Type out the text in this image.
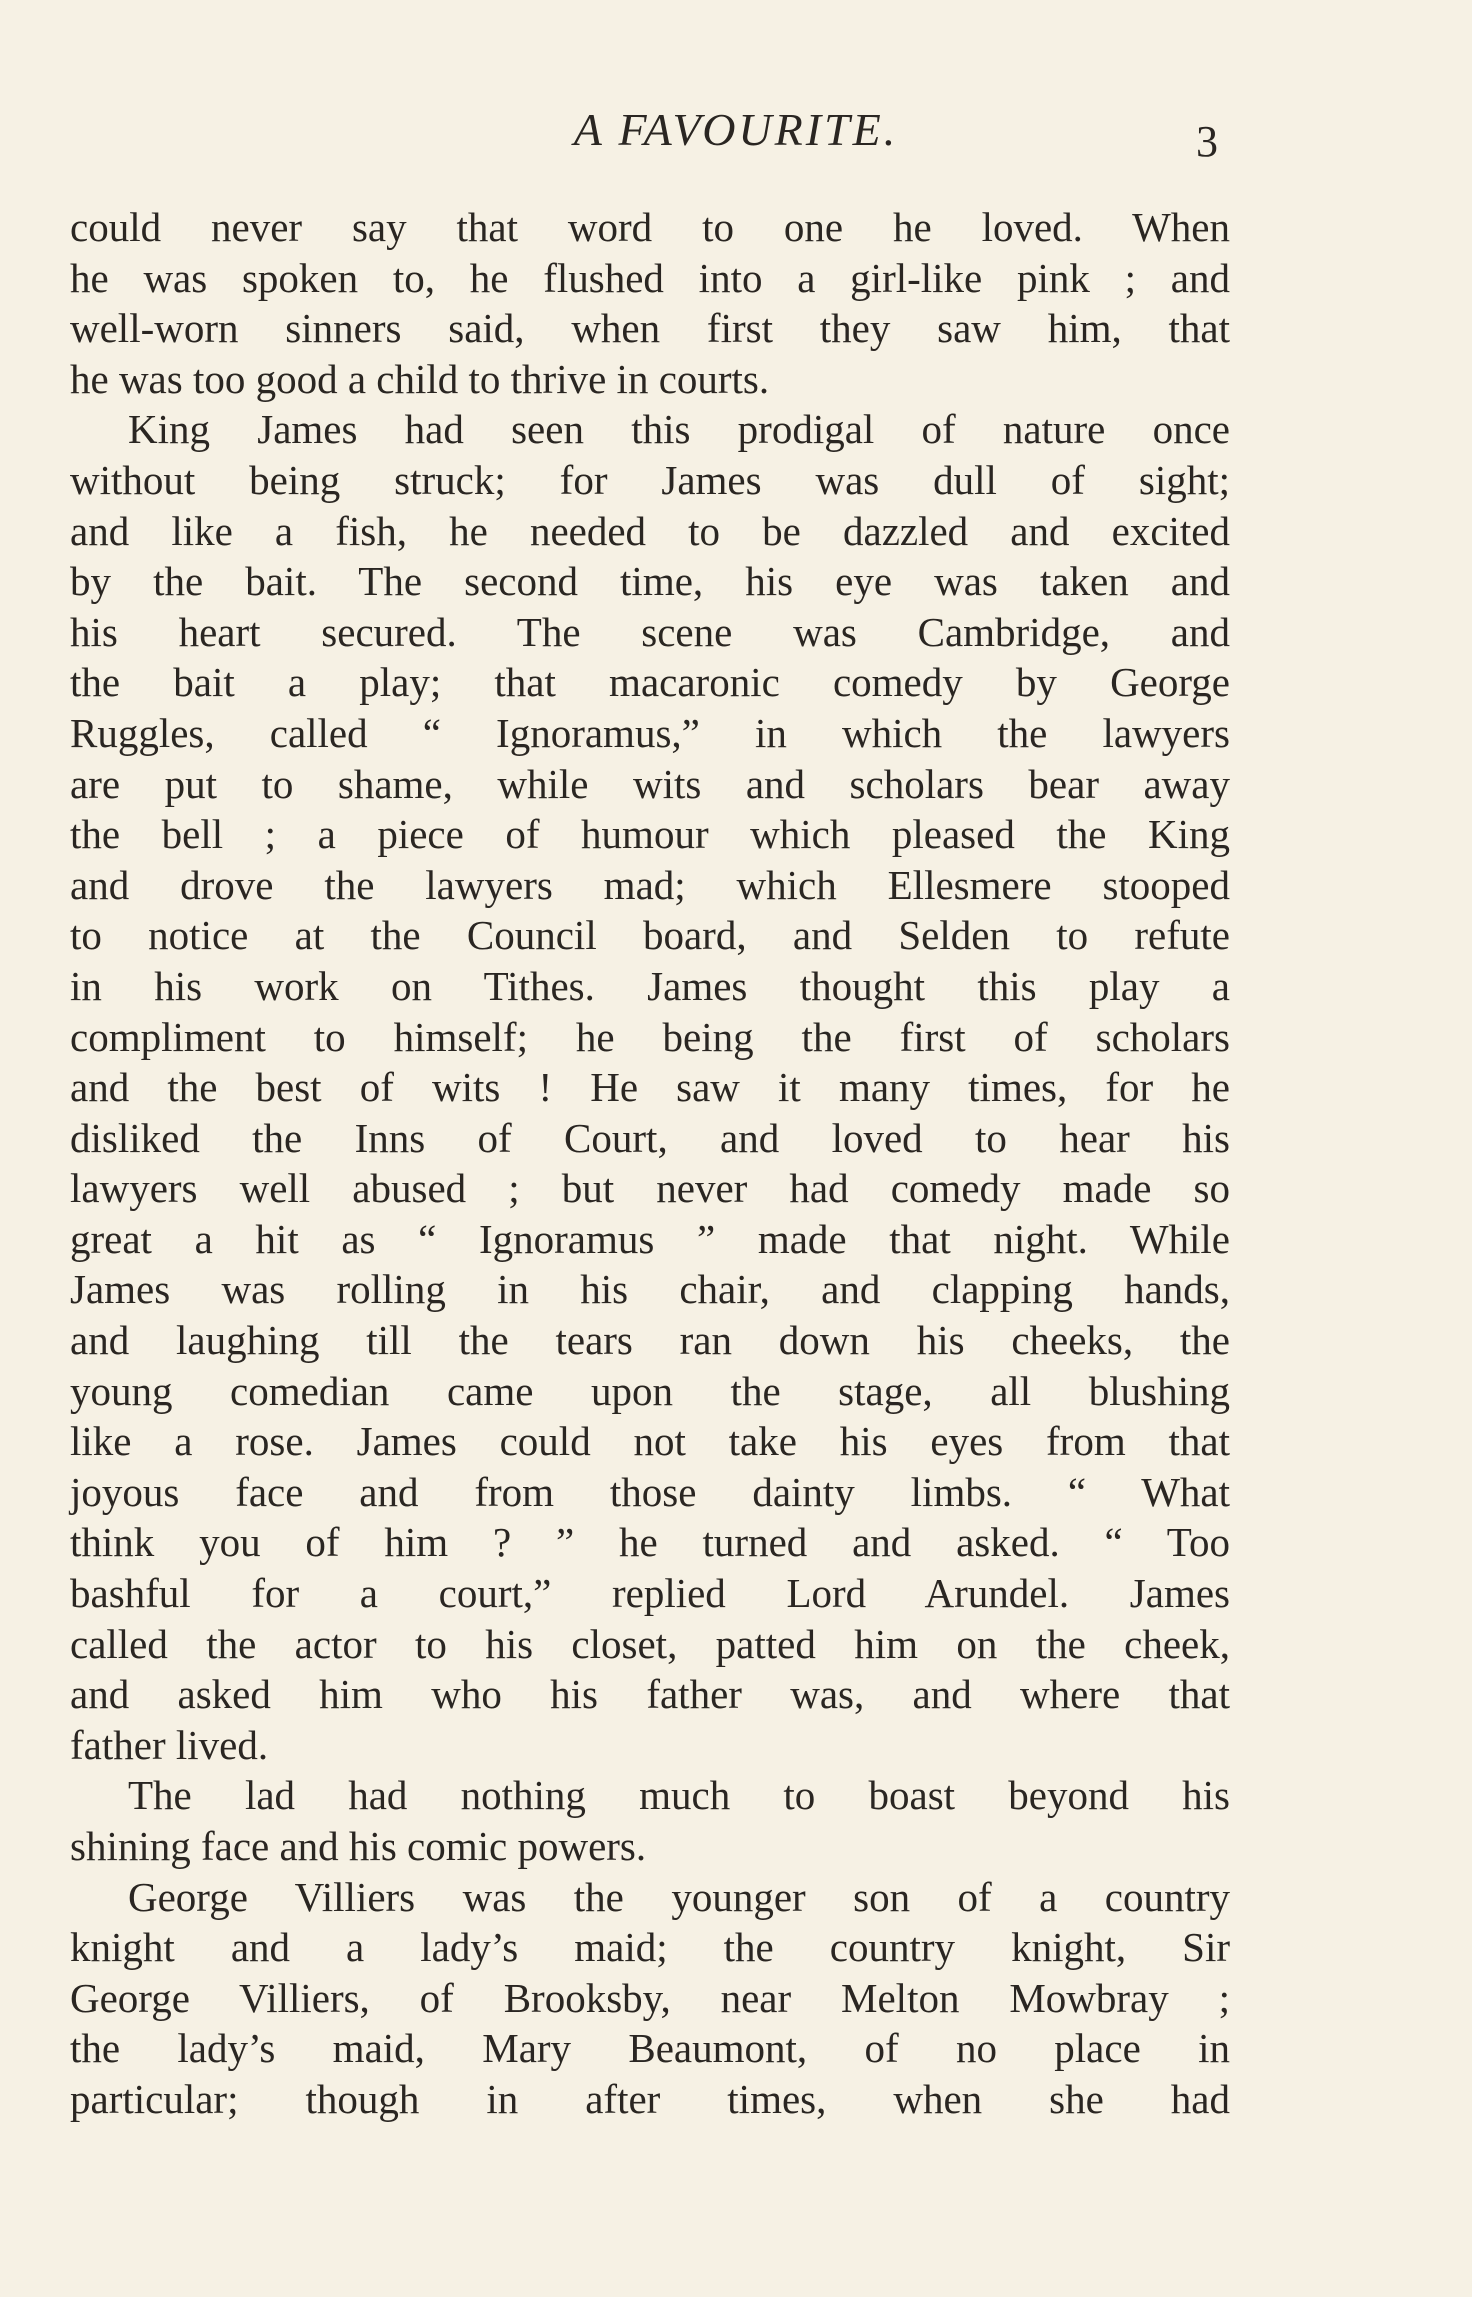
A FAVOURITE.	3
could never say that word to one he loved. When
he was spoken to, he flushed into a girl-like pink ; and
well-worn sinners said, when first they saw him, that
he was too good a child to thrive in courts.
King James had seen this prodigal of nature once
without being struck; for James was dull of sight;
and like a fish, he needed to be dazzled and excited
by the bait. The second time, his eye was taken and
his heart secured. The scene was Cambridge, and
the bait a play; that macaronic comedy by George
Ruggles, called “ Ignoramus,” in which the lawyers
are put to shame, while wits and scholars bear away
the bell ; a piece of humour which pleased the King
and drove the lawyers mad; which Ellesmere stooped
to notice at the Council board, and Selden to refute
in his work on Tithes. James thought this play a
compliment to himself; he being the first of scholars
and the best of wits ! He saw it many times, for he
disliked the Inns of Court, and loved to hear his
lawyers well abused ; but never had comedy made so
great a hit as “ Ignoramus ” made that night. While
James was rolling in his chair, and clapping hands,
and laughing till the tears ran down his cheeks, the
young comedian came upon the stage, all blushing
like a rose. James could not take his eyes from that
joyous face and from those dainty limbs. “ What
think you of him ? ” he turned and asked. “ Too
bashful for a court,” replied Lord Arundel. James
called the actor to his closet, patted him on the cheek,
and asked him who his father was, and where that
father lived.
The lad had nothing much to boast beyond his
shining face and his comic powers.
George Villiers was the younger son of a country
knight and a lady’s maid; the country knight, Sir
George Villiers, of Brooksby, near Melton Mowbray ;
the lady’s maid, Mary Beaumont, of no place in
particular; though in after times, when she had
